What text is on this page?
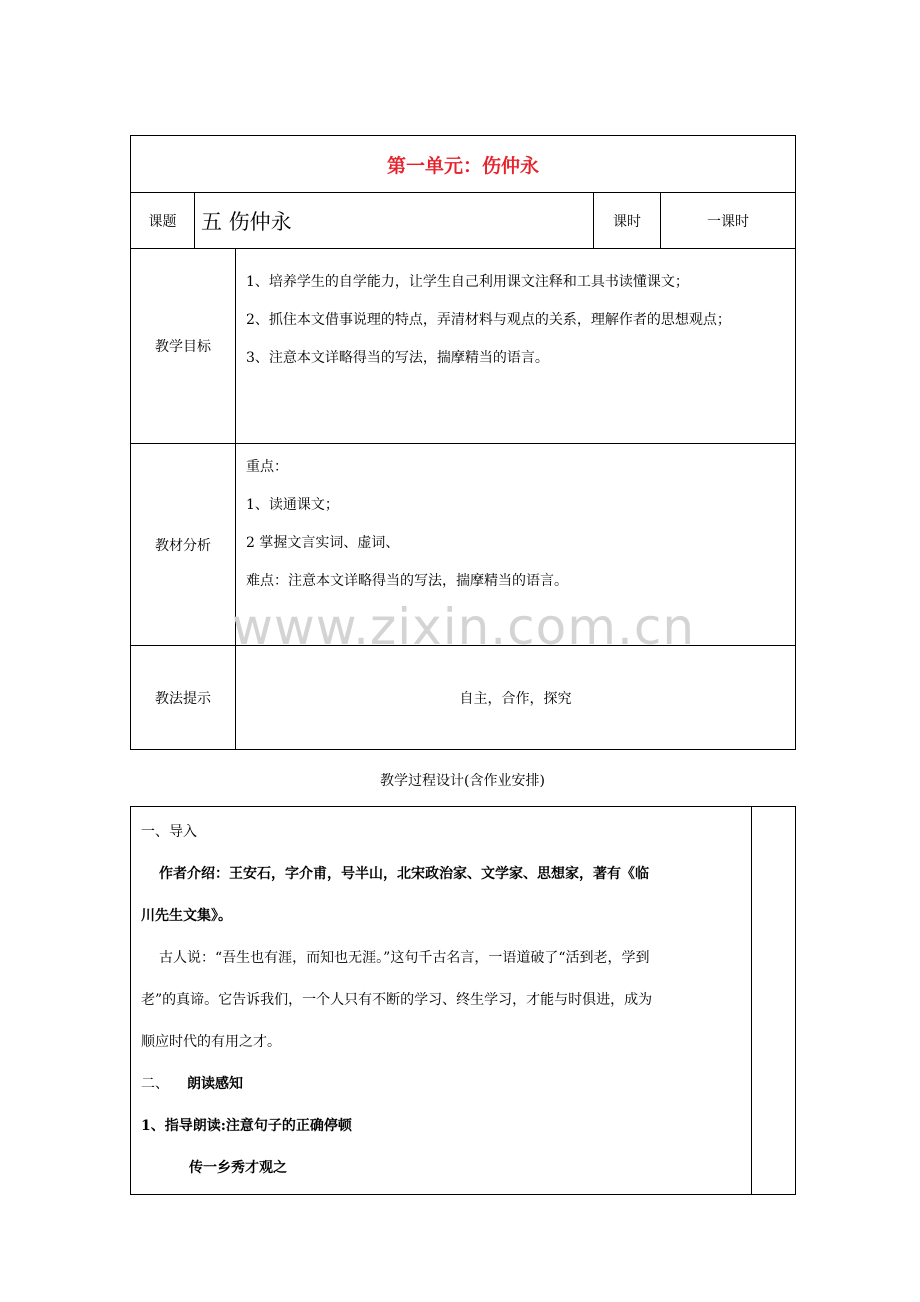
www.zixin.com.cn
第一单元：伤仲永				
课题	五 伤仲永		课时	一课时
教学目标		1、培养学生的自学能力，让学生自己利用课文注释和工具书读懂课文；

2、抓住本文借事说理的特点，弄清材料与观点的关系，理解作者的思想观点；

3、注意本文详略得当的写法，揣摩精当的语言。		

教材分析		重点：

1、读通课文；

2 掌握文言实词、虚词、

难点：注意本文详略得当的写法，揣摩精当的语言。		

教法提示		自主，合作，探究		
教学过程设计(含作业安排)

一、导入

作者介绍：王安石，字介甫，号半山，北宋政治家、文学家、思想家，著有《临

川先生文集》。

古人说：“吾生也有涯，而知也无涯。”这句千古名言，一语道破了“活到老，学到

老”的真谛。它告诉我们，一个人只有不断的学习、终生学习，才能与时俱进，成为

顺应时代的有用之才。

二、 朗读感知

1、指导朗读:注意句子的正确停顿

传一乡秀才观之
